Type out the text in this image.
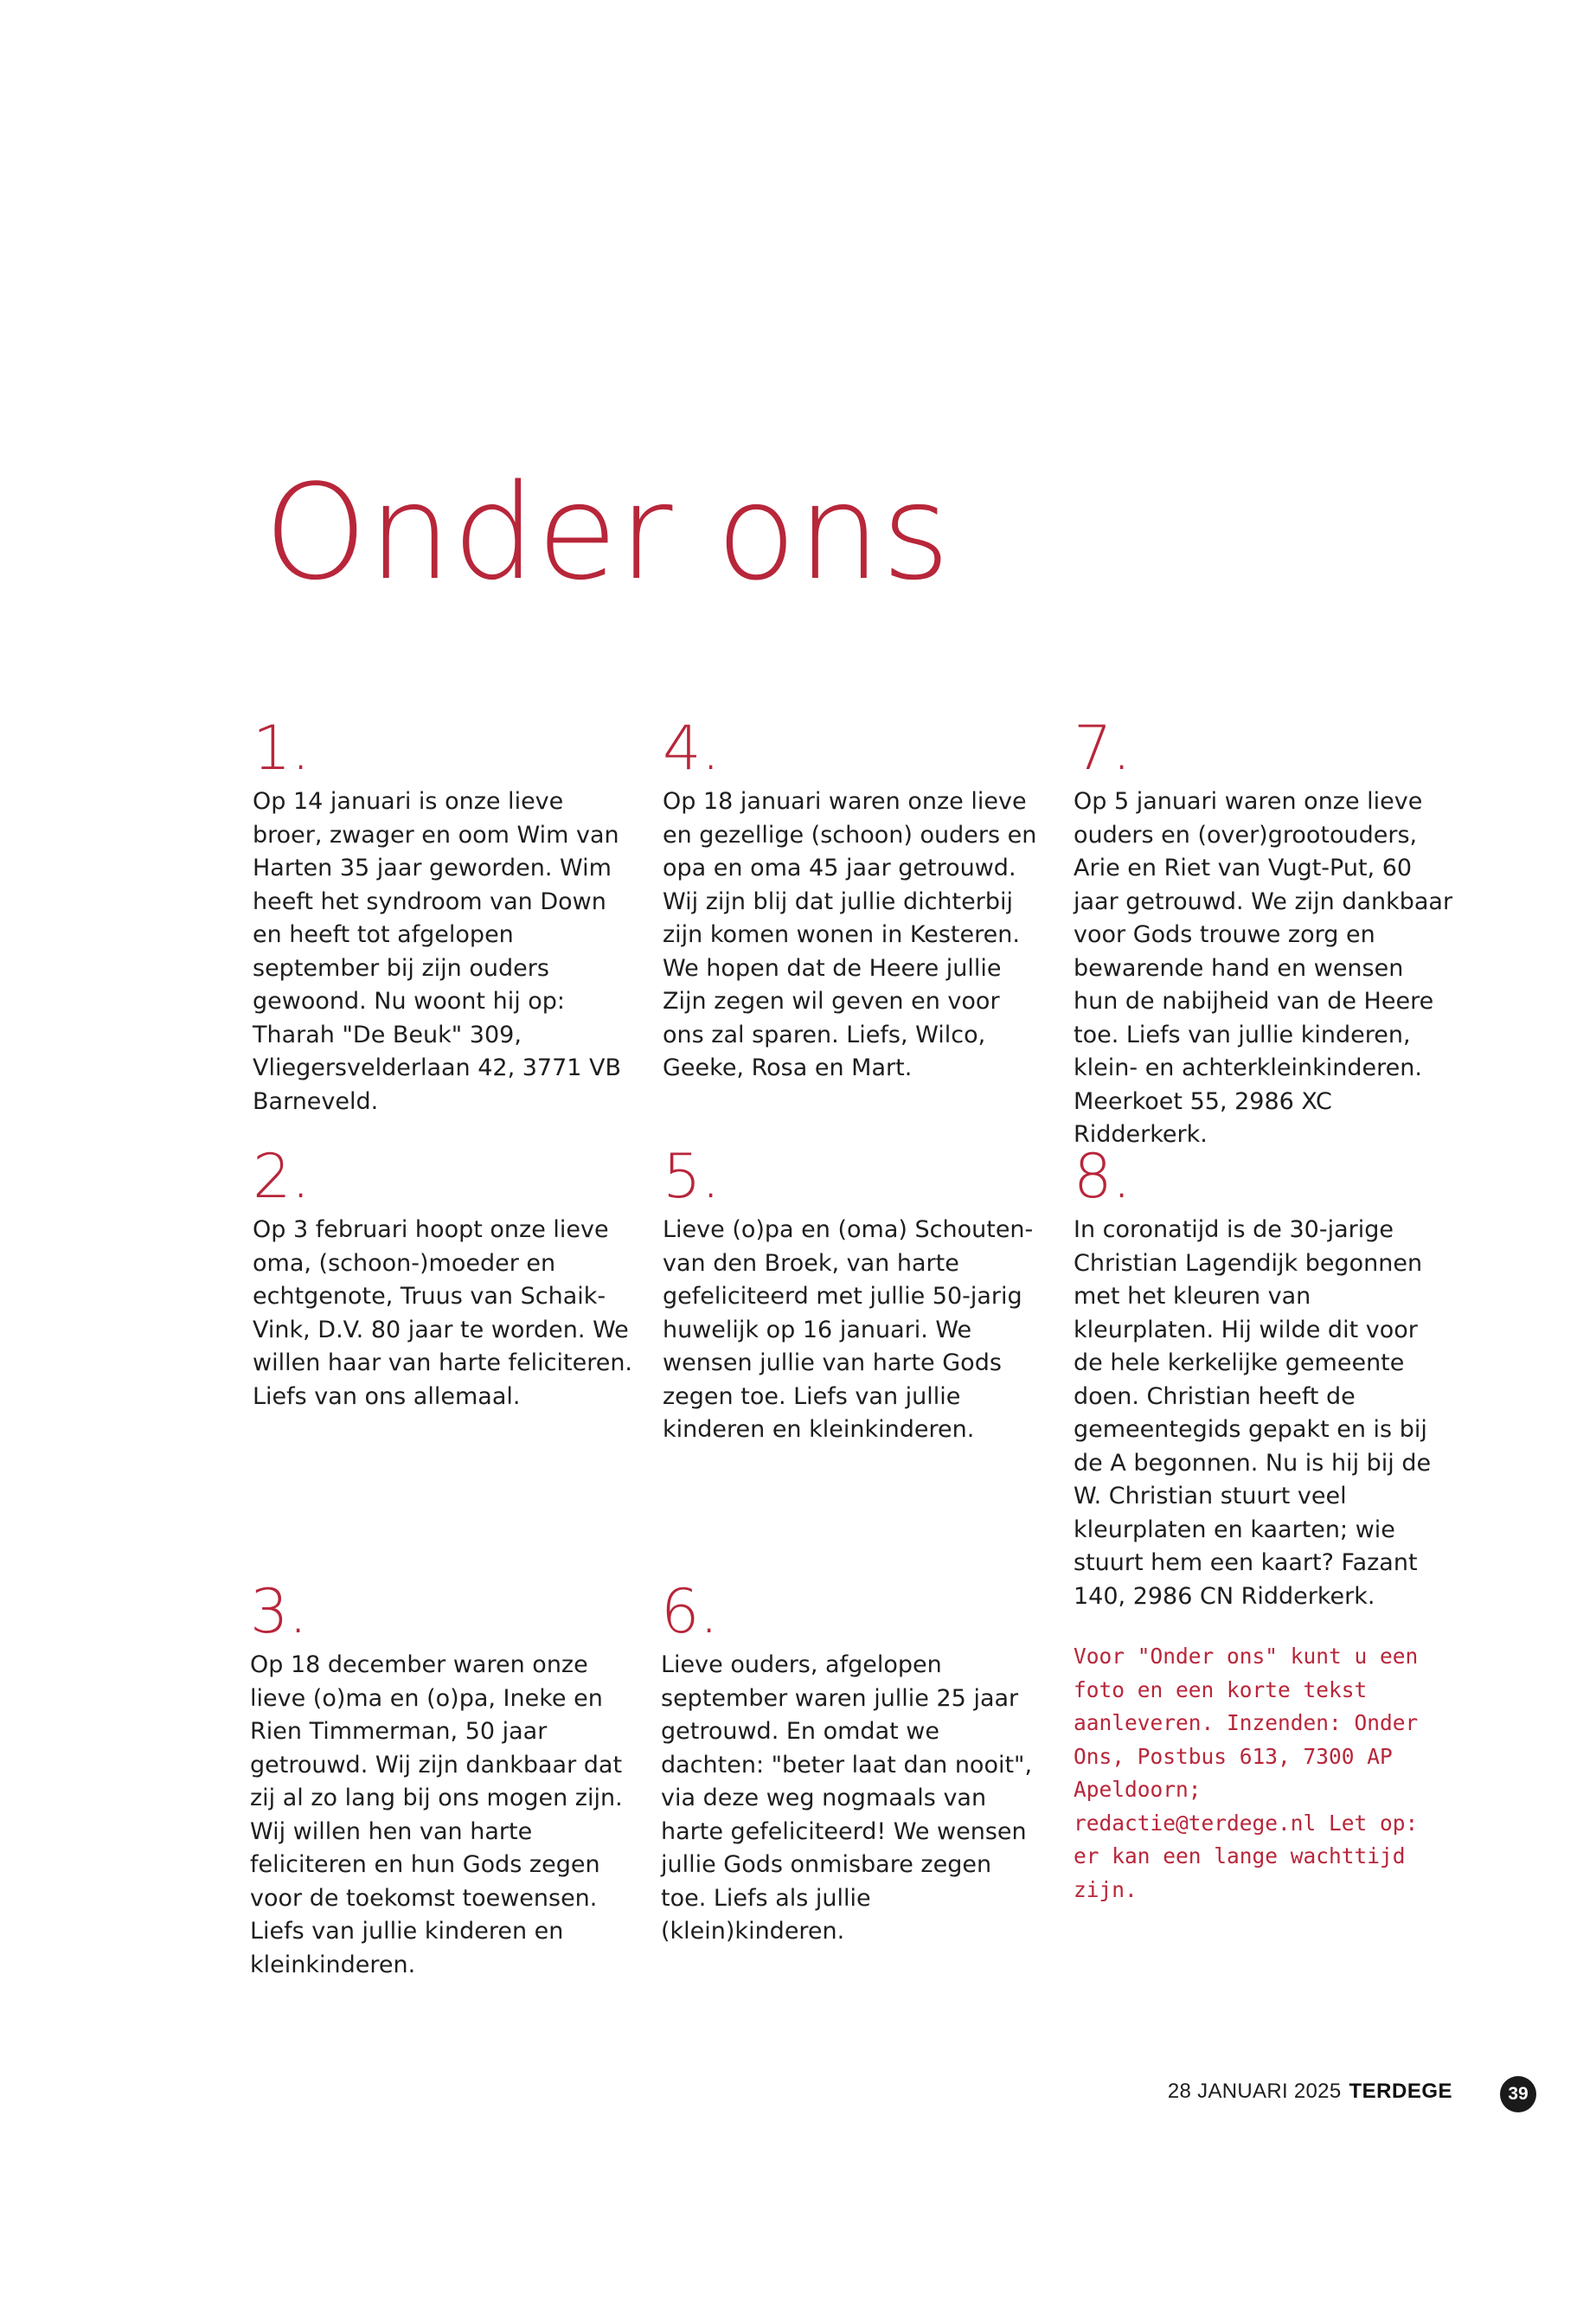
Onder ons
1.

Op 14 januari is onze lieve broer, zwager en oom Wim van Harten 35 jaar geworden. Wim heeft het syndroom van Down en heeft tot afgelopen september bij zijn ouders gewoond. Nu woont hij op: Tharah "De Beuk" 309, Vliegersvelderlaan 42, 3771 VB Barneveld.

2.

Op 3 februari hoopt onze lieve oma, (schoon-)moeder en echtgenote, Truus van Schaik-Vink, D.V. 80 jaar te worden. We willen haar van harte feliciteren. Liefs van ons allemaal.

3.

Op 18 december waren onze lieve (o)ma en (o)pa, Ineke en Rien Timmerman, 50 jaar getrouwd. Wij zijn dankbaar dat zij al zo lang bij ons mogen zijn. Wij willen hen van harte feliciteren en hun Gods zegen voor de toekomst toewensen. Liefs van jullie kinderen en kleinkinderen.

4.

Op 18 januari waren onze lieve en gezellige (schoon) ouders en opa en oma 45 jaar getrouwd. Wij zijn blij dat jullie dichterbij zijn komen wonen in Kesteren. We hopen dat de Heere jullie Zijn zegen wil geven en voor ons zal sparen. Liefs, Wilco, Geeke, Rosa en Mart.

5.

Lieve (o)pa en (oma) Schouten-van den Broek, van harte gefeliciteerd met jullie 50-jarig huwelijk op 16 januari. We wensen jullie van harte Gods zegen toe. Liefs van jullie kinderen en kleinkinderen.

6.

Lieve ouders, afgelopen september waren jullie 25 jaar getrouwd. En omdat we dachten: "beter laat dan nooit", via deze weg nogmaals van harte gefeliciteerd! We wensen jullie Gods onmisbare zegen toe. Liefs als jullie (klein)kinderen.

7.

Op 5 januari waren onze lieve ouders en (over)grootouders, Arie en Riet van Vugt-Put, 60 jaar getrouwd. We zijn dankbaar voor Gods trouwe zorg en bewarende hand en wensen hun de nabijheid van de Heere toe. Liefs van jullie kinderen, klein- en achterkleinkinderen. Meerkoet 55, 2986 XC Ridderkerk.

8.

In coronatijd is de 30-jarige Christian Lagendijk begonnen met het kleuren van kleurplaten. Hij wilde dit voor de hele kerkelijke gemeente doen. Christian heeft de gemeentegids gepakt en is bij de A begonnen. Nu is hij bij de W. Christian stuurt veel kleurplaten en kaarten; wie stuurt hem een kaart? Fazant 140, 2986 CN Ridderkerk.

Voor "Onder ons" kunt u een foto en een korte tekst aanleveren. Inzenden: Onder Ons, Postbus 613, 7300 AP Apeldoorn; redactie@terdege.nl Let op: er kan een lange wachttijd zijn.

28 JANUARI 2025 TERDEGE	39
